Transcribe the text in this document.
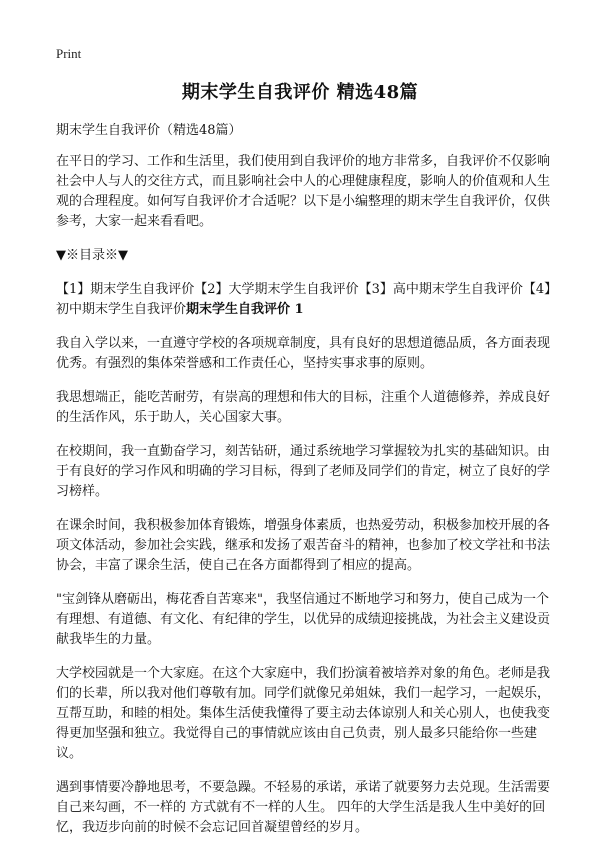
Print
期末学生自我评价 精选48篇

期末学生自我评价（精选48篇）

在平日的学习、工作和生活里，我们使用到自我评价的地方非常多，自我评价不仅影响社会中人与人的交往方式，而且影响社会中人的心理健康程度，影响人的价值观和人生观的合理程度。如何写自我评价才合适呢？以下是小编整理的期末学生自我评价，仅供参考，大家一起来看看吧。

▼※目录※▼

【1】期末学生自我评价【2】大学期末学生自我评价【3】高中期末学生自我评价【4】初中期末学生自我评价期末学生自我评价 1

我自入学以来，一直遵守学校的各项规章制度，具有良好的思想道德品质，各方面表现优秀。有强烈的集体荣誉感和工作责任心，坚持实事求事的原则。

我思想端正，能吃苦耐劳，有崇高的理想和伟大的目标，注重个人道德修养，养成良好的生活作风，乐于助人，关心国家大事。

在校期间，我一直勤奋学习，刻苦钻研，通过系统地学习掌握较为扎实的基础知识。由于有良好的学习作风和明确的学习目标，得到了老师及同学们的肯定，树立了良好的学习榜样。

在课余时间，我积极参加体育锻炼，增强身体素质，也热爱劳动，积极参加校开展的各项文体活动，参加社会实践，继承和发扬了艰苦奋斗的精神，也参加了校文学社和书法协会，丰富了课余生活，使自己在各方面都得到了相应的提高。

"宝剑锋从磨砺出，梅花香自苦寒来"，我坚信通过不断地学习和努力，使自己成为一个有理想、有道德、有文化、有纪律的学生，以优异的成绩迎接挑战，为社会主义建设贡献我毕生的力量。

大学校园就是一个大家庭。在这个大家庭中，我们扮演着被培养对象的角色。老师是我们的长辈，所以我对他们尊敬有加。同学们就像兄弟姐妹，我们一起学习，一起娱乐，互帮互助，和睦的相处。集体生活使我懂得了要主动去体谅别人和关心别人，也使我变得更加坚强和独立。我觉得自己的事情就应该由自己负责，别人最多只能给你一些建议。

遇到事情要冷静地思考，不要急躁。不轻易的承诺，承诺了就要努力去兑现。生活需要自己来勾画，不一样的 方式就有不一样的人生。 四年的大学生活是我人生中美好的回忆，我迈步向前的时候不会忘记回首凝望曾经的岁月。
